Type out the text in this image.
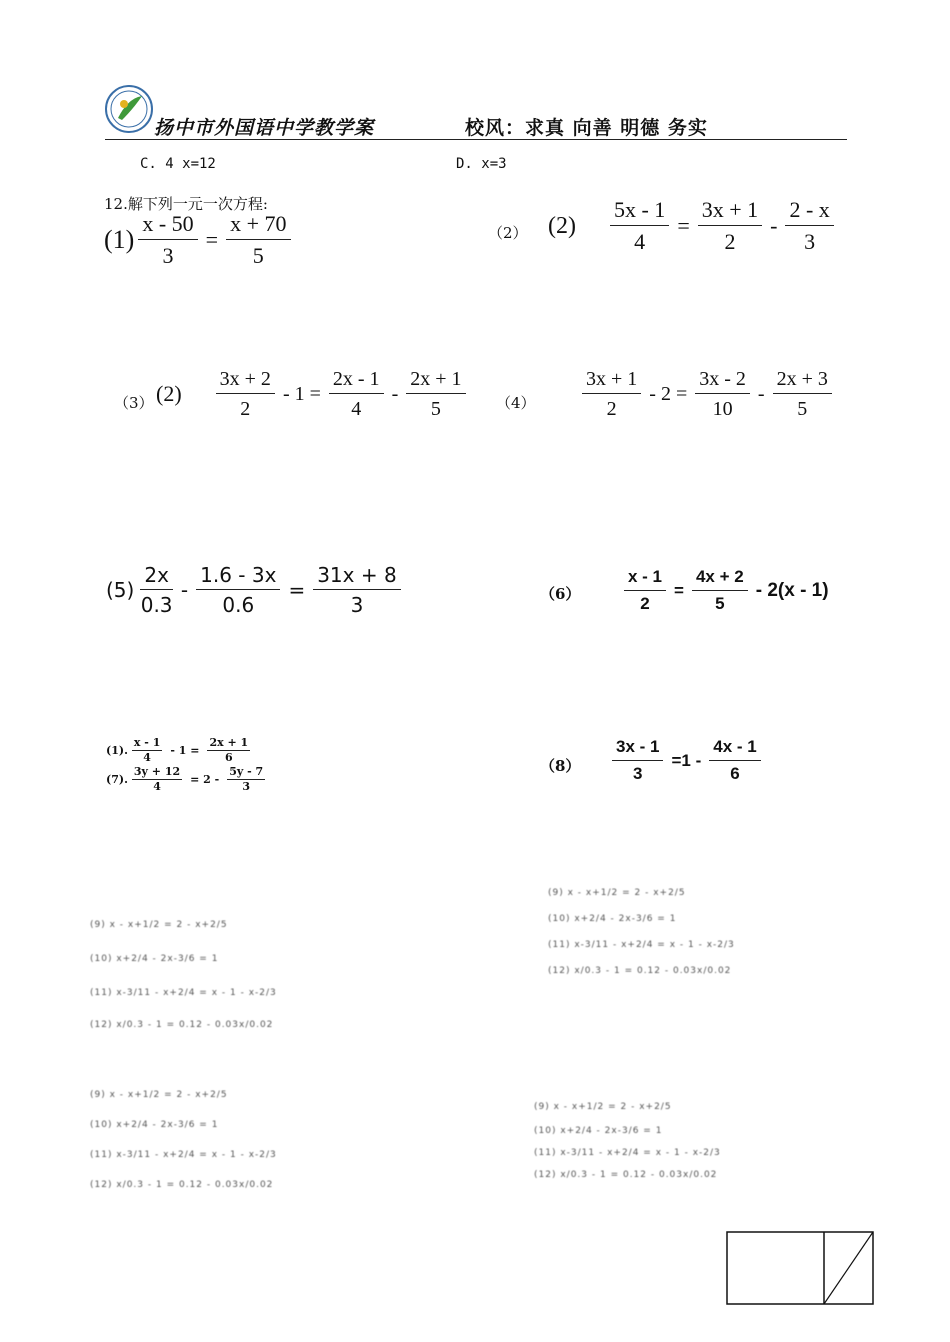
扬中市外国语中学教学案	校风：求真 向善 明德 务实
C. 4 x=12	D. x=3
12.解下列一元一次方程:
$(1) \frac{x - 50}{3} = \frac{x + 70}{5}$	（2） $(2) \frac{5x - 1}{4} = \frac{3x + 1}{2} - \frac{2 - x}{3}$
（3） $(2) \frac{3x + 2}{2} - 1 = \frac{2x - 1}{4} - \frac{2x + 1}{5} (4) \frac{3x + 1}{2} - 2 = \frac{3x - 2}{10} - \frac{2x + 3}{5}$
$(5) \frac{2x}{0.3} - \frac{1.6 - 3x}{0.6} = \frac{31x + 8}{3}$	（6）	$\frac{x - 1}{2} = \frac{4x + 2}{5} - 2(x - 1)$
(1). $\frac{x - 1}{4} - 1 = \frac{2x + 1}{6}$
(7). $\frac{3y + 12}{4} = 2 - \frac{5y - 7}{3}$	$(8) \frac{3x - 1}{3} =1 - \frac{4x - 1}{6}$
(9) x - x+1/2 = 2 - x+2/5
(10) x+2/4 - 2x-3/6 = 1
(11) x-3/11 - x+2/4 = x - 1 - x-2/3
(12) x/0.3 - 1 = 0.12 - 0.03x/0.02
(9) x - x+1/2 = 2 - x+2/5
(10) x+2/4 - 2x-3/6 = 1
(11) x-3/11 - x+2/4 = x - 1 - x-2/3
(12) x/0.3 - 1 = 0.12 - 0.03x/0.02
(9) x - x+1/2 = 2 - x+2/5
(10) x+2/4 - 2x-3/6 = 1
(11) x-3/11 - x+2/4 = x - 1 - x-2/3
(12) x/0.3 - 1 = 0.12 - 0.03x/0.02
(9) x - x+1/2 = 2 - x+2/5
(10) x+2/4 - 2x-3/6 = 1
(11) x-3/11 - x+2/4 = x - 1 - x-2/3
(12) x/0.3 - 1 = 0.12 - 0.03x/0.02
